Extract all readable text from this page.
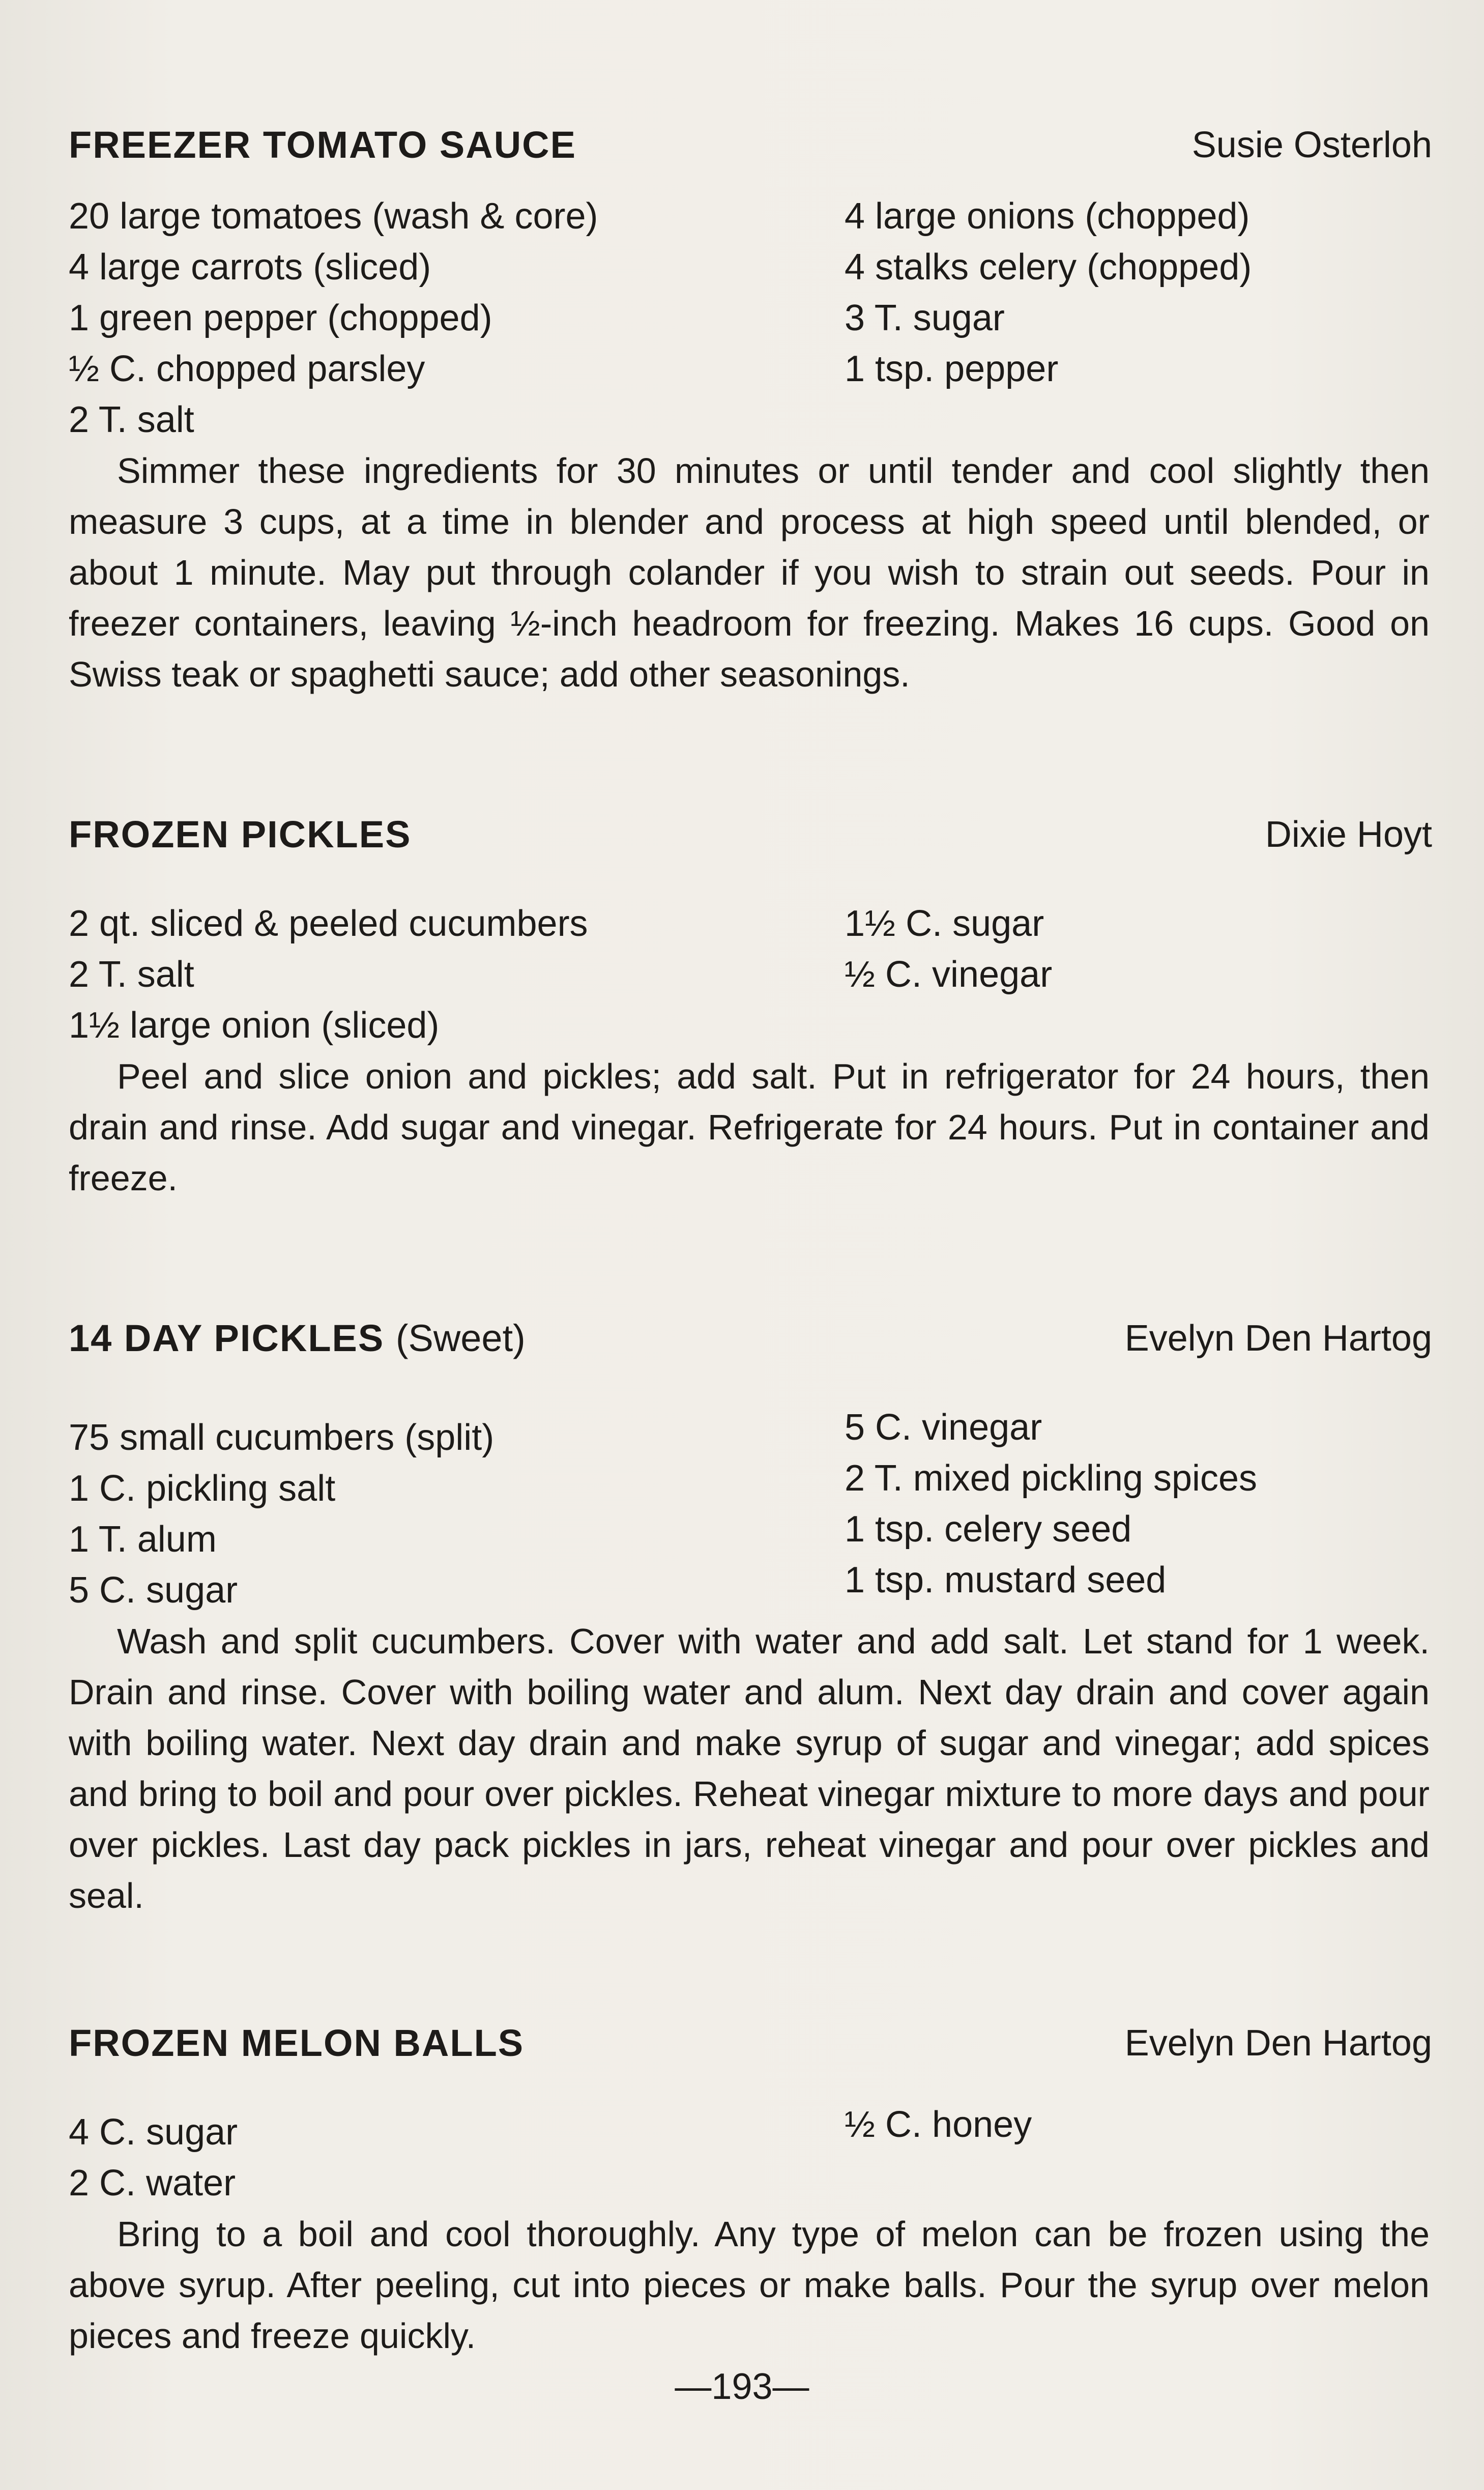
FREEZER TOMATO SAUCE	Susie Osterloh
20 large tomatoes (wash & core)
4 large carrots (sliced)
1 green pepper (chopped)
½ C. chopped parsley
2 T. salt
4 large onions (chopped)
4 stalks celery (chopped)
3 T. sugar
1 tsp. pepper

Simmer these ingredients for 30 minutes or until tender and cool slightly then measure 3 cups, at a time in blender and process at high speed until blended, or about 1 minute. May put through colander if you wish to strain out seeds. Pour in freezer containers, leaving ½-inch headroom for freezing. Makes 16 cups. Good on Swiss teak or spaghetti sauce; add other seasonings.

FROZEN PICKLES	Dixie Hoyt
2 qt. sliced & peeled cucumbers
2 T. salt
1½ large onion (sliced)
1½ C. sugar
½ C. vinegar

Peel and slice onion and pickles; add salt. Put in refrigerator for 24 hours, then drain and rinse. Add sugar and vinegar. Refrigerate for 24 hours. Put in container and freeze.

14 DAY PICKLES (Sweet)	Evelyn Den Hartog
75 small cucumbers (split)
1 C. pickling salt
1 T. alum
5 C. sugar
5 C. vinegar
2 T. mixed pickling spices
1 tsp. celery seed
1 tsp. mustard seed

Wash and split cucumbers. Cover with water and add salt. Let stand for 1 week. Drain and rinse. Cover with boiling water and alum. Next day drain and cover again with boiling water. Next day drain and make syrup of sugar and vinegar; add spices and bring to boil and pour over pickles. Reheat vinegar mixture to more days and pour over pickles. Last day pack pickles in jars, reheat vinegar and pour over pickles and seal.

FROZEN MELON BALLS	Evelyn Den Hartog
4 C. sugar
2 C. water
½ C. honey

Bring to a boil and cool thoroughly. Any type of melon can be frozen using the above syrup. After peeling, cut into pieces or make balls. Pour the syrup over melon pieces and freeze quickly.

—193—
